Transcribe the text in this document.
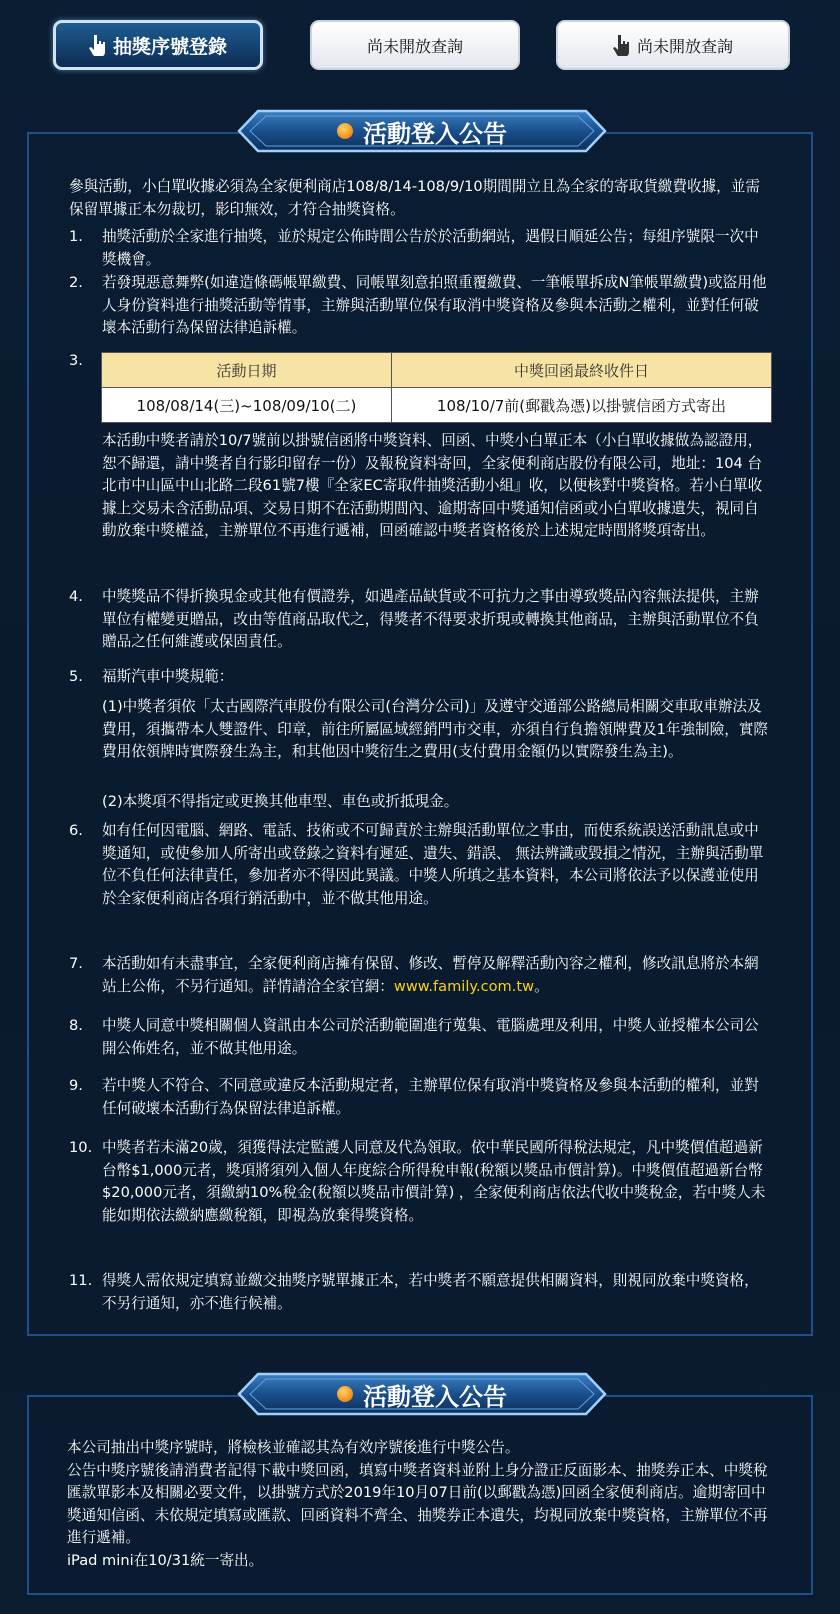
抽獎序號登錄	尚未開放查詢	尚未開放查詢
活動登入公告
參與活動，小白單收據必須為全家便利商店108/8/14-108/9/10期間開立且為全家的寄取貨繳費收據，並需保留單據正本勿裁切，影印無效，才符合抽獎資格。
1.	抽獎活動於全家進行抽獎，並於規定公佈時間公告於於活動網站，遇假日順延公告；每組序號限一次中獎機會。
2.	若發現惡意舞弊(如違造條碼帳單繳費、同帳單刻意拍照重覆繳費、一筆帳單拆成N筆帳單繳費)或盜用他人身份資料進行抽獎活動等情事，主辦與活動單位保有取消中獎資格及參與本活動之權利，並對任何破壞本活動行為保留法律追訴權。
3.
活動日期	中獎回函最終收件日
108/08/14(三)~108/09/10(二)	108/10/7前(郵戳為憑)以掛號信函方式寄出
本活動中獎者請於10/7號前以掛號信函將中獎資料、回函、中獎小白單正本（小白單收據做為認證用，恕不歸還，請中獎者自行影印留存一份）及報稅資料寄回，全家便利商店股份有限公司，地址：104 台北市中山區中山北路二段61號7樓『全家EC寄取件抽獎活動小組』收，以便核對中獎資格。若小白單收據上交易未含活動品項、交易日期不在活動期間內、逾期寄回中獎通知信函或小白單收據遺失，視同自動放棄中獎權益，主辦單位不再進行遞補，回函確認中獎者資格後於上述規定時間將獎項寄出。
4.	中獎獎品不得折換現金或其他有價證券，如遇產品缺貨或不可抗力之事由導致獎品內容無法提供，主辦單位有權變更贈品，改由等值商品取代之，得獎者不得要求折現或轉換其他商品，主辦與活動單位不負贈品之任何維護或保固責任。
5.	福斯汽車中獎規範：
(1)中獎者須依「太古國際汽車股份有限公司(台灣分公司)」及遵守交通部公路總局相關交車取車辦法及費用，須攜帶本人雙證件、印章，前往所屬區域經銷門市交車，亦須自行負擔領牌費及1年強制險，實際費用依領牌時實際發生為主，和其他因中獎衍生之費用(支付費用金額仍以實際發生為主)。
(2)本獎項不得指定或更換其他車型、車色或折抵現金。
6.	如有任何因電腦、網路、電話、技術或不可歸責於主辦與活動單位之事由，而使系統誤送活動訊息或中獎通知，或使參加人所寄出或登錄之資料有遲延、遺失、錯誤、 無法辨識或毀損之情況，主辦與活動單位不負任何法律責任，參加者亦不得因此異議。中獎人所填之基本資料，本公司將依法予以保護並使用於全家便利商店各項行銷活動中，並不做其他用途。
7.	本活動如有未盡事宜，全家便利商店擁有保留、修改、暫停及解釋活動內容之權利，修改訊息將於本網站上公佈，不另行通知。詳情請洽全家官網：www.family.com.tw。
8.	中獎人同意中獎相關個人資訊由本公司於活動範圍進行蒐集、電腦處理及利用，中獎人並授權本公司公開公佈姓名，並不做其他用途。
9.	若中獎人不符合、不同意或違反本活動規定者，主辦單位保有取消中獎資格及參與本活動的權利，並對任何破壞本活動行為保留法律追訴權。
10. 中獎者若未滿20歲，須獲得法定監護人同意及代為領取。依中華民國所得稅法規定，凡中獎價值超過新台幣$1,000元者，獎項將須列入個人年度綜合所得稅申報(稅額以獎品市價計算)。中獎價值超過新台幣$20,000元者，須繳納10%稅金(稅額以獎品市價計算) ，全家便利商店依法代收中獎稅金，若中獎人未能如期依法繳納應繳稅額，即視為放棄得獎資格。
11. 得獎人需依規定填寫並繳交抽獎序號單據正本，若中獎者不願意提供相關資料，則視同放棄中獎資格，不另行通知，亦不進行候補。
活動登入公告
本公司抽出中獎序號時，將檢核並確認其為有效序號後進行中獎公告。
公告中獎序號後請消費者記得下載中獎回函，填寫中獎者資料並附上身分證正反面影本、抽獎券正本、中獎稅匯款單影本及相關必要文件，以掛號方式於2019年10月07日前(以郵戳為憑)回函全家便利商店。逾期寄回中獎通知信函、未依規定填寫或匯款、回函資料不齊全、抽獎券正本遺失，均視同放棄中獎資格，主辦單位不再進行遞補。
iPad mini在10/31統一寄出。
